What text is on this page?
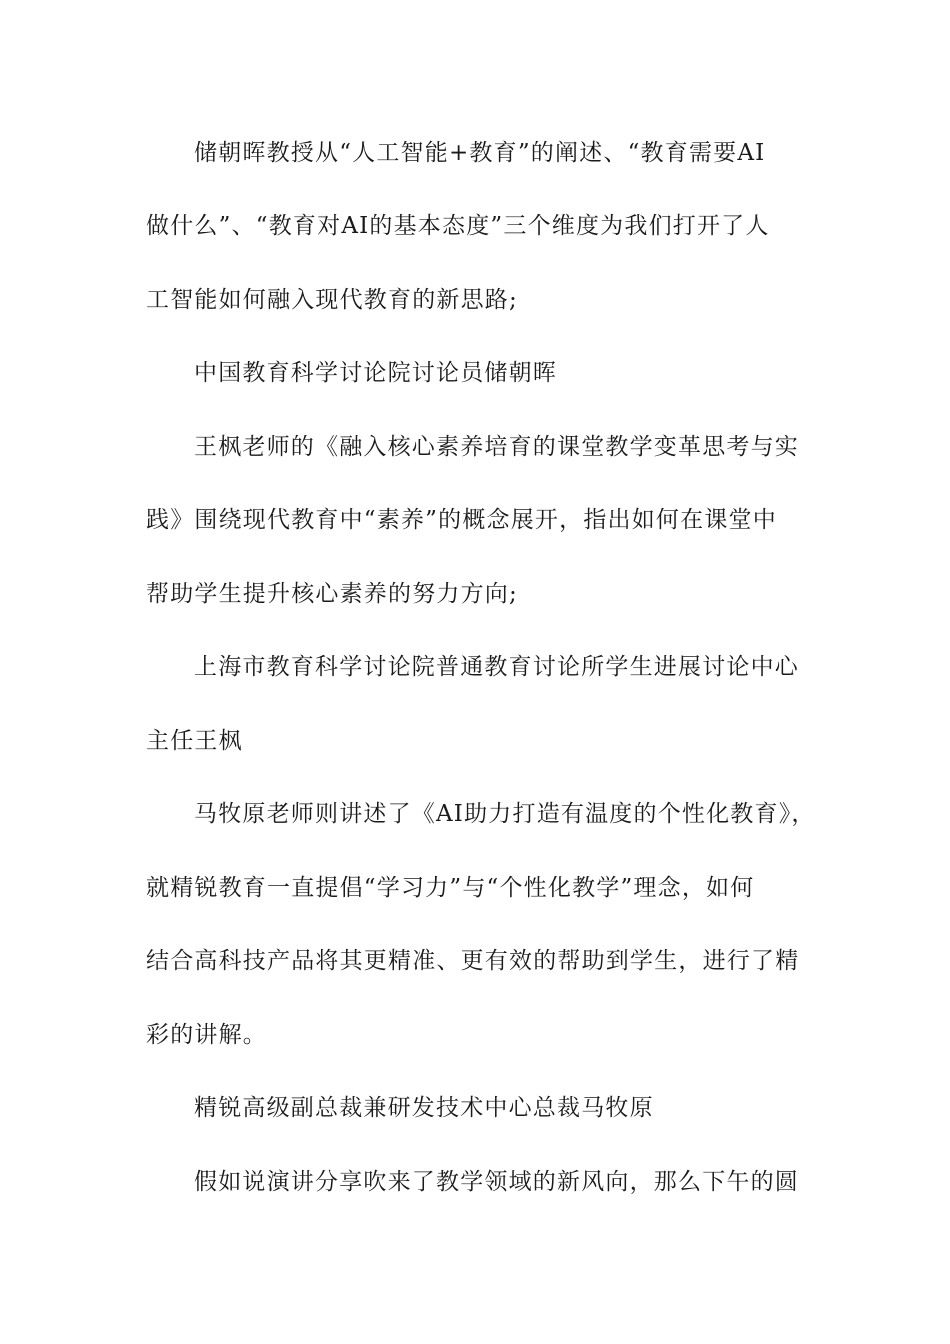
储朝晖教授从“人工智能+教育”的阐述、“教育需要AI
做什么”、“教育对AI的基本态度”三个维度为我们打开了人
工智能如何融入现代教育的新思路;
中国教育科学讨论院讨论员储朝晖
王枫老师的《融入核心素养培育的课堂教学变革思考与实
践》围绕现代教育中“素养”的概念展开，指出如何在课堂中
帮助学生提升核心素养的努力方向;
上海市教育科学讨论院普通教育讨论所学生进展讨论中心
主任王枫
马牧原老师则讲述了《AI助力打造有温度的个性化教育》，
就精锐教育一直提倡“学习力”与“个性化教学”理念，如何
结合高科技产品将其更精准、更有效的帮助到学生，进行了精
彩的讲解。
精锐高级副总裁兼研发技术中心总裁马牧原
假如说演讲分享吹来了教学领域的新风向，那么下午的圆
